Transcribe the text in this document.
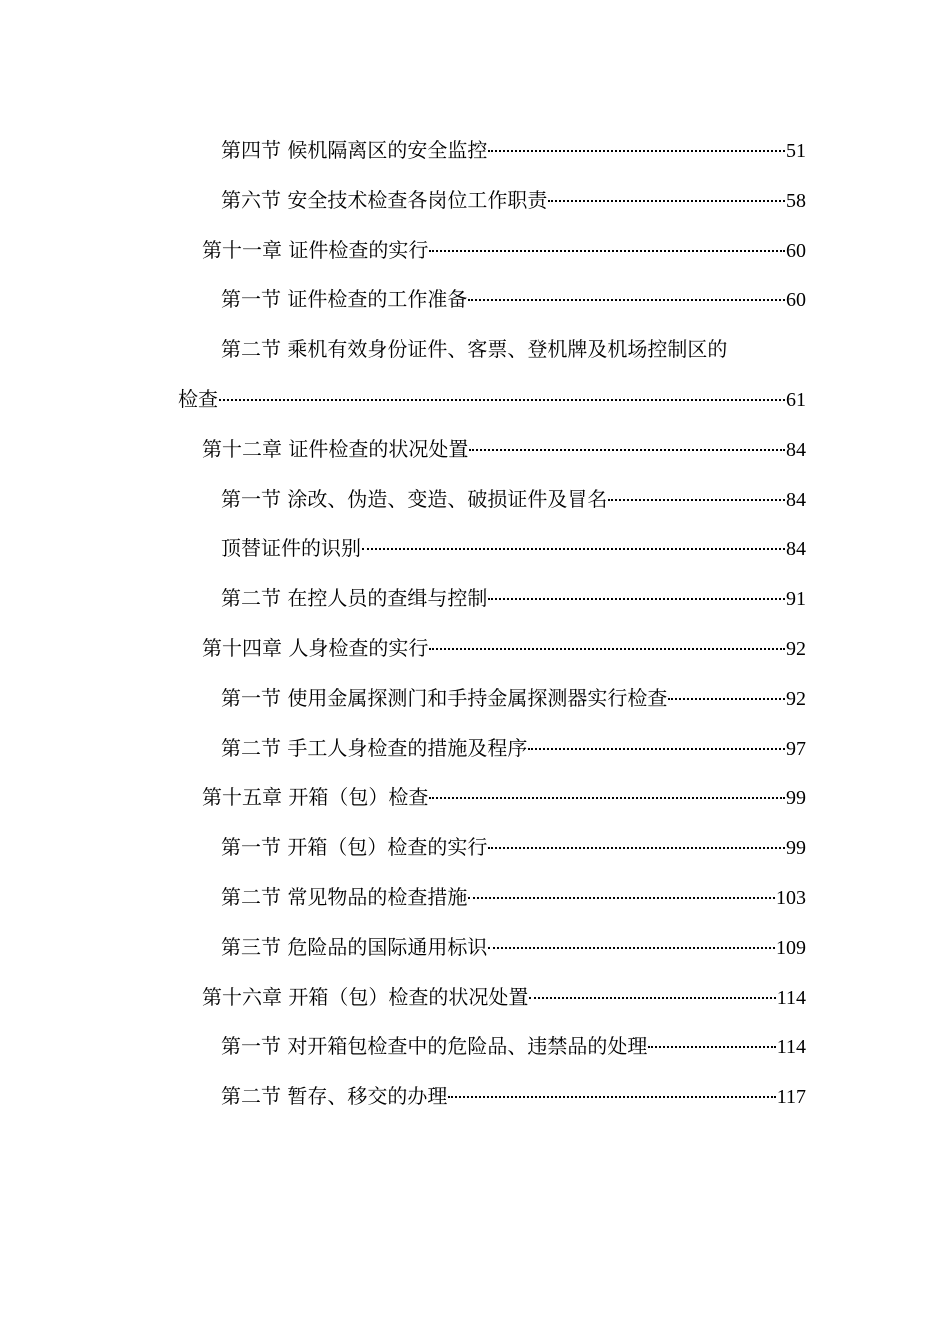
第四节 候机隔离区的安全监控	51
第六节 安全技术检查各岗位工作职责	58
第十一章 证件检查的实行	60
第一节 证件检查的工作准备	60
第二节 乘机有效身份证件、客票、登机牌及机场控制区的
检查	61
第十二章 证件检查的状况处置	84
第一节 涂改、伪造、变造、破损证件及冒名	84
顶替证件的识别	84
第二节 在控人员的查缉与控制	91
第十四章 人身检查的实行	92
第一节 使用金属探测门和手持金属探测器实行检查	92
第二节 手工人身检查的措施及程序	97
第十五章 开箱（包）检查	99
第一节 开箱（包）检查的实行	99
第二节 常见物品的检查措施	103
第三节 危险品的国际通用标识	109
第十六章 开箱（包）检查的状况处置	114
第一节 对开箱包检查中的危险品、违禁品的处理	114
第二节 暂存、移交的办理	117
